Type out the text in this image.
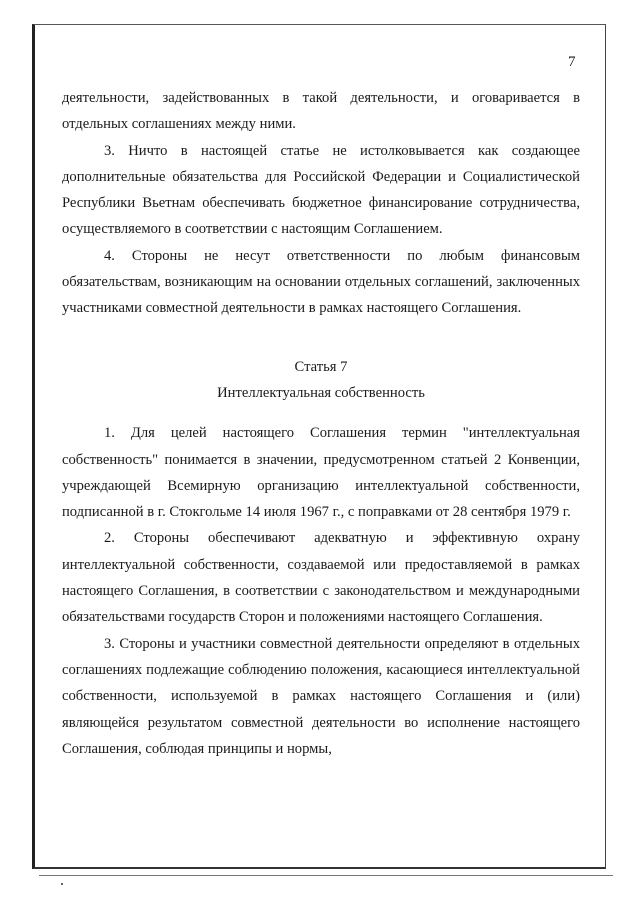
7

деятельности, задействованных в такой деятельности, и оговаривается в отдельных соглашениях между ними.

3. Ничто в настоящей статье не истолковывается как создающее дополнительные обязательства для Российской Федерации и Социалистической Республики Вьетнам обеспечивать бюджетное финансирование сотрудничества, осуществляемого в соответствии с настоящим Соглашением.

4. Стороны не несут ответственности по любым финансовым обязательствам, возникающим на основании отдельных соглашений, заключенных участниками совместной деятельности в рамках настоящего Соглашения.

Статья 7
Интеллектуальная собственность

1. Для целей настоящего Соглашения термин "интеллектуальная собственность" понимается в значении, предусмотренном статьей 2 Конвенции, учреждающей Всемирную организацию интеллектуальной собственности, подписанной в г. Стокгольме 14 июля 1967 г., с поправками от 28 сентября 1979 г.

2. Стороны обеспечивают адекватную и эффективную охрану интеллектуальной собственности, создаваемой или предоставляемой в рамках настоящего Соглашения, в соответствии с законодательством и международными обязательствами государств Сторон и положениями настоящего Соглашения.

3. Стороны и участники совместной деятельности определяют в отдельных соглашениях подлежащие соблюдению положения, касающиеся интеллектуальной собственности, используемой в рамках настоящего Соглашения и (или) являющейся результатом совместной деятельности во исполнение настоящего Соглашения, соблюдая принципы и нормы,
